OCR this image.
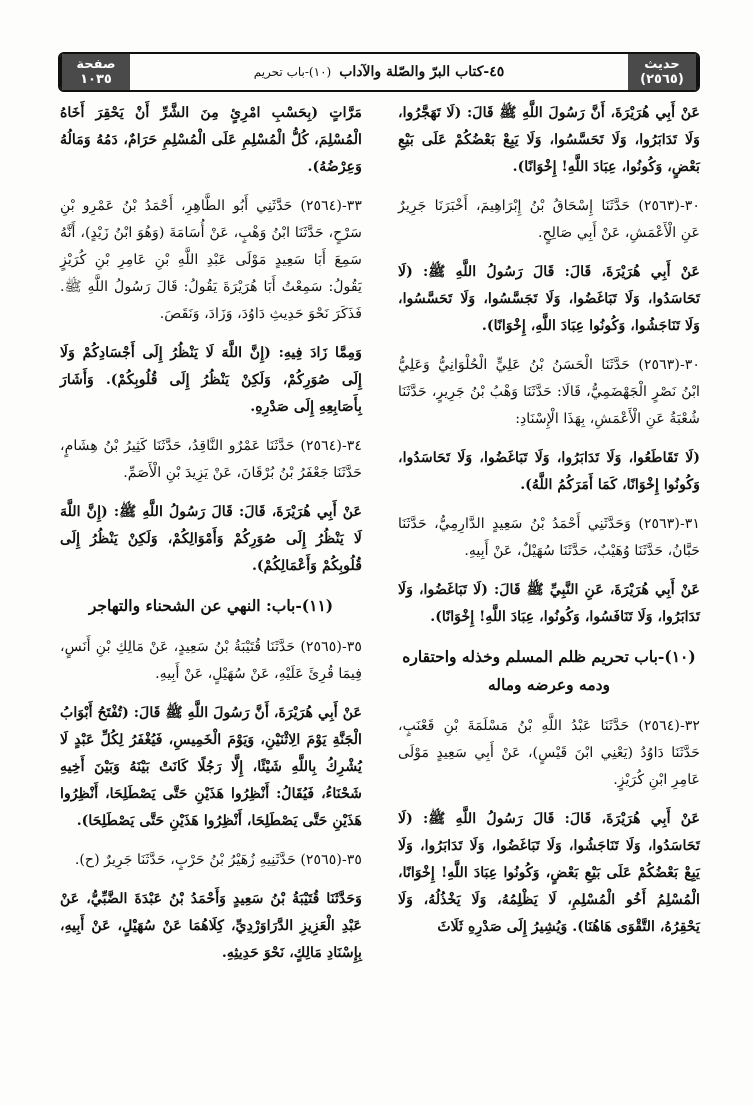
صفحة
١٠٣٥	٤٥-كتاب البرّ والصّلة والآداب
(١٠)-باب تحريم	حديث
(٢٥٦٥)

عَنْ أَبِي هُرَيْرَةَ، أَنَّ رَسُولَ اللَّهِ ﷺ قَالَ: (لَا تَهَجَّرُوا، وَلَا تَدَابَرُوا، وَلَا تَحَسَّسُوا، وَلَا يَبِعْ بَعْضُكُمْ عَلَى بَيْعِ بَعْضٍ، وَكُونُوا، عِبَادَ اللَّهِ! إِخْوَانًا).

٣٠-(٢٥٦٣) حَدَّثَنَا إِسْحَاقُ بْنُ إِبْرَاهِيمَ، أَخْبَرَنَا جَرِيرٌ عَنِ الْأَعْمَشِ، عَنْ أَبِي صَالِحٍ.

عَنْ أَبِي هُرَيْرَةَ، قَالَ: قَالَ رَسُولُ اللَّهِ ﷺ: (لَا تَحَاسَدُوا، وَلَا تَبَاغَضُوا، وَلَا تَجَسَّسُوا، وَلَا تَحَسَّسُوا، وَلَا تَنَاجَشُوا، وَكُونُوا عِبَادَ اللَّهِ، إِخْوَانًا).

٣٠-(٢٥٦٣) حَدَّثَنَا الْحَسَنُ بْنُ عَلِيٍّ الْحُلْوَانِيُّ وَعَلِيُّ ابْنُ نَصْرٍ الْجَهْضَمِيُّ، قَالَا: حَدَّثَنَا وَهْبُ بْنُ جَرِيرٍ، حَدَّثَنَا شُعْبَةُ عَنِ الْأَعْمَشِ، بِهَذَا الْإِسْنَادِ:

(لَا تَقَاطَعُوا، وَلَا تَدَابَرُوا، وَلَا تَبَاغَضُوا، وَلَا تَحَاسَدُوا، وَكُونُوا إِخْوَانًا، كَمَا أَمَرَكُمُ اللَّهُ).

٣١-(٢٥٦٣) وَحَدَّثَنِي أَحْمَدُ بْنُ سَعِيدٍ الدَّارِمِيُّ، حَدَّثَنَا حَبَّانُ، حَدَّثَنَا وُهَيْبٌ، حَدَّثَنَا سُهَيْلٌ، عَنْ أَبِيهِ.

عَنْ أَبِي هُرَيْرَةَ، عَنِ النَّبِيِّ ﷺ قَالَ: (لَا تَبَاغَضُوا، وَلَا تَدَابَرُوا، وَلَا تَنَافَسُوا، وَكُونُوا، عِبَادَ اللَّهِ! إِخْوَانًا).

(١٠)-باب تحريم ظلم المسلم وخذله واحتقاره ودمه وعرضه وماله

٣٢-(٢٥٦٤) حَدَّثَنَا عَبْدُ اللَّهِ بْنُ مَسْلَمَةَ بْنِ قَعْنَبٍ، حَدَّثَنَا دَاوُدُ (يَعْنِي ابْنَ قَيْسٍ)، عَنْ أَبِي سَعِيدٍ مَوْلَى عَامِرِ ابْنِ كُرَيْزٍ.

عَنْ أَبِي هُرَيْرَةَ، قَالَ: قَالَ رَسُولُ اللَّهِ ﷺ: (لَا تَحَاسَدُوا، وَلَا تَنَاجَشُوا، وَلَا تَبَاغَضُوا، وَلَا تَدَابَرُوا، وَلَا يَبِعْ بَعْضُكُمْ عَلَى بَيْعِ بَعْضٍ، وَكُونُوا عِبَادَ اللَّهِ! إِخْوَانًا، الْمُسْلِمُ أَخُو الْمُسْلِمِ، لَا يَظْلِمُهُ، وَلَا يَخْذُلُهُ، وَلَا يَحْقِرُهُ، التَّقْوَى هَاهُنَا). وَيُشِيرُ إِلَى صَدْرِهِ ثَلَاثَ

مَرَّاتٍ (بِحَسْبِ امْرِئٍ مِنَ الشَّرِّ أَنْ يَحْقِرَ أَخَاهُ الْمُسْلِمَ، كُلُّ الْمُسْلِمِ عَلَى الْمُسْلِمِ حَرَامٌ، دَمُهُ وَمَالُهُ وَعِرْضُهُ).

٣٣-(٢٥٦٤) حَدَّثَنِي أَبُو الطَّاهِرِ، أَحْمَدُ بْنُ عَمْرِو بْنِ سَرْحٍ، حَدَّثَنَا ابْنُ وَهْبٍ، عَنْ أُسَامَةَ (وَهُوَ ابْنُ زَيْدٍ)، أَنَّهُ سَمِعَ أَبَا سَعِيدٍ مَوْلَى عَبْدِ اللَّهِ بْنِ عَامِرِ بْنِ كُرَيْزٍ يَقُولُ: سَمِعْتُ أَبَا هُرَيْرَةَ يَقُولُ: قَالَ رَسُولُ اللَّهِ ﷺ. فَذَكَرَ نَحْوَ حَدِيثِ دَاوُدَ، وَزَادَ، وَنَقَصَ.

وَمِمَّا زَادَ فِيهِ: (إِنَّ اللَّهَ لَا يَنْظُرُ إِلَى أَجْسَادِكُمْ وَلَا إِلَى صُوَرِكُمْ، وَلَكِنْ يَنْظُرُ إِلَى قُلُوبِكُمْ). وَأَشَارَ بِأَصَابِعِهِ إِلَى صَدْرِهِ.

٣٤-(٢٥٦٤) حَدَّثَنَا عَمْرٌو النَّاقِدُ، حَدَّثَنَا كَثِيرُ بْنُ هِشَامٍ، حَدَّثَنَا جَعْفَرُ بْنُ بُرْقَانَ، عَنْ يَزِيدَ بْنِ الْأَصَمِّ.

عَنْ أَبِي هُرَيْرَةَ، قَالَ: قَالَ رَسُولُ اللَّهِ ﷺ: (إِنَّ اللَّهَ لَا يَنْظُرُ إِلَى صُوَرِكُمْ وَأَمْوَالِكُمْ، وَلَكِنْ يَنْظُرُ إِلَى قُلُوبِكُمْ وَأَعْمَالِكُمْ).

(١١)-باب: النهي عن الشحناء والتهاجر

٣٥-(٢٥٦٥) حَدَّثَنَا قُتَيْبَةُ بْنُ سَعِيدٍ، عَنْ مَالِكِ بْنِ أَنَسٍ، فِيمَا قُرِئَ عَلَيْهِ، عَنْ سُهَيْلٍ، عَنْ أَبِيهِ.

عَنْ أَبِي هُرَيْرَةَ، أَنَّ رَسُولَ اللَّهِ ﷺ قَالَ: (تُفْتَحُ أَبْوَابُ الْجَنَّةِ يَوْمَ الِاثْنَيْنِ، وَيَوْمَ الْخَمِيسِ، فَيُغْفَرُ لِكُلِّ عَبْدٍ لَا يُشْرِكُ بِاللَّهِ شَيْئًا، إِلَّا رَجُلًا كَانَتْ بَيْنَهُ وَبَيْنَ أَخِيهِ شَحْنَاءُ، فَيُقَالُ: أَنْظِرُوا هَذَيْنِ حَتَّى يَصْطَلِحَا، أَنْظِرُوا هَذَيْنِ حَتَّى يَصْطَلِحَا، أَنْظِرُوا هَذَيْنِ حَتَّى يَصْطَلِحَا).

٣٥-(٢٥٦٥) حَدَّثَنِيهِ زُهَيْرُ بْنُ حَرْبٍ، حَدَّثَنَا جَرِيرٌ (ح).

وَحَدَّثَنَا قُتَيْبَةُ بْنُ سَعِيدٍ وَأَحْمَدُ بْنُ عَبْدَةَ الضَّبِّيُّ، عَنْ عَبْدِ الْعَزِيزِ الدَّرَاوَرْدِيِّ، كِلَاهُمَا عَنْ سُهَيْلٍ، عَنْ أَبِيهِ، بِإِسْنَادِ مَالِكٍ، نَحْوَ حَدِيثِهِ.
